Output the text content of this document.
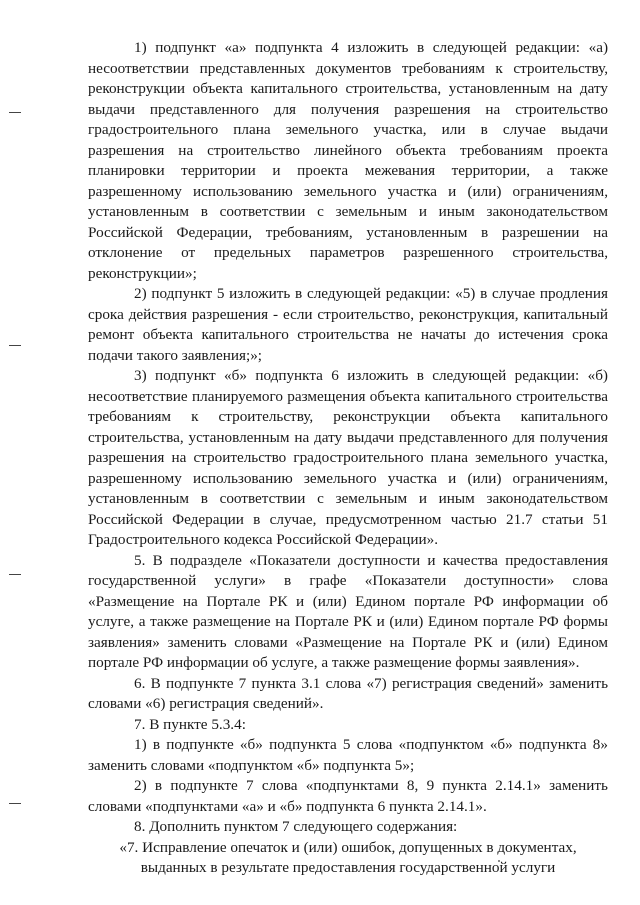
1) подпункт «а» подпункта 4 изложить в следующей редакции: «а) несоответствии представленных документов требованиям к строительству, реконструкции объекта капитального строительства, установленным на дату выдачи представленного для получения разрешения на строительство градостроительного плана земельного участка, или в случае выдачи разрешения на строительство линейного объекта требованиям проекта планировки территории и проекта межевания территории, а также разрешенному использованию земельного участка и (или) ограничениям, установленным в соответствии с земельным и иным законодательством Российской Федерации, требованиям, установленным в разрешении на отклонение от предельных параметров разрешенного строительства, реконструкции»;

2) подпункт 5 изложить в следующей редакции: «5) в случае продления срока действия разрешения - если строительство, реконструкция, капитальный ремонт объекта капитального строительства не начаты до истечения срока подачи такого заявления;»;

3) подпункт «б» подпункта 6 изложить в следующей редакции: «б) несоответствие планируемого размещения объекта капитального строительства требованиям к строительству, реконструкции объекта капитального строительства, установленным на дату выдачи представленного для получения разрешения на строительство градостроительного плана земельного участка, разрешенному использованию земельного участка и (или) ограничениям, установленным в соответствии с земельным и иным законодательством Российской Федерации в случае, предусмотренном частью 21.7 статьи 51 Градостроительного кодекса Российской Федерации».

5. В подразделе «Показатели доступности и качества предоставления государственной услуги» в графе «Показатели доступности» слова «Размещение на Портале РК и (или) Едином портале РФ информации об услуге, а также размещение на Портале РК и (или) Едином портале РФ формы заявления» заменить словами «Размещение на Портале РК и (или) Едином портале РФ информации об услуге, а также размещение формы заявления».

6. В подпункте 7 пункта 3.1 слова «7) регистрация сведений» заменить словами «6) регистрация сведений».

7. В пункте 5.3.4:

1) в подпункте «б» подпункта 5 слова «подпунктом «б» подпункта 8» заменить словами «подпунктом «б» подпункта 5»;

2) в подпункте 7 слова «подпунктами 8, 9 пункта 2.14.1» заменить словами «подпунктами «а» и «б» подпункта 6 пункта 2.14.1».

8. Дополнить пунктом 7 следующего содержания:

«7. Исправление опечаток и (или) ошибок, допущенных в документах,

выданных в результате предоставления государственной услуги
